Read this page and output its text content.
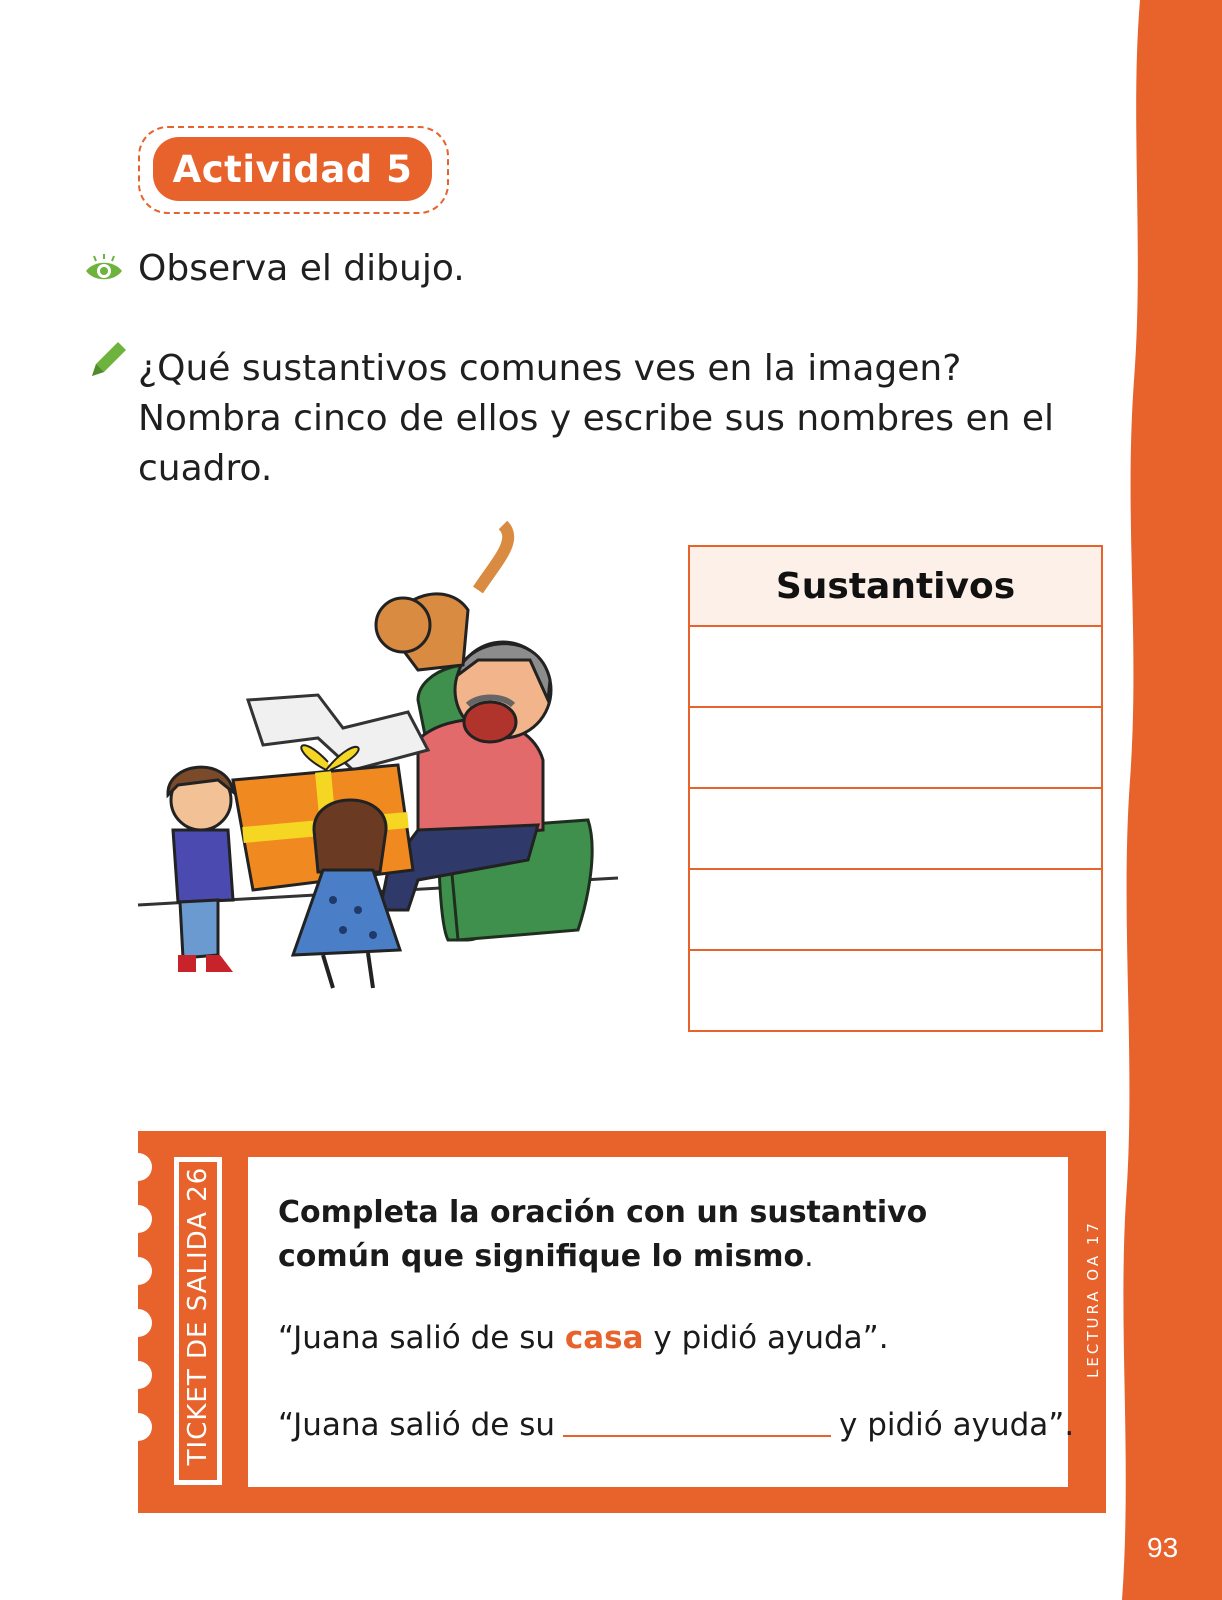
93
Actividad 5
Observa el dibujo.
¿Qué sustantivos comunes ves en la imagen? Nombra cinco de ellos y escribe sus nombres en el cuadro.
Sustantivos

TICKET DE SALIDA 26 Completa la oración con un sustantivo común que signifique lo mismo.
“Juana salió de su casa y pidió ayuda”.
“Juana salió de su	y pidió ayuda”.
LECTURA OA 17
